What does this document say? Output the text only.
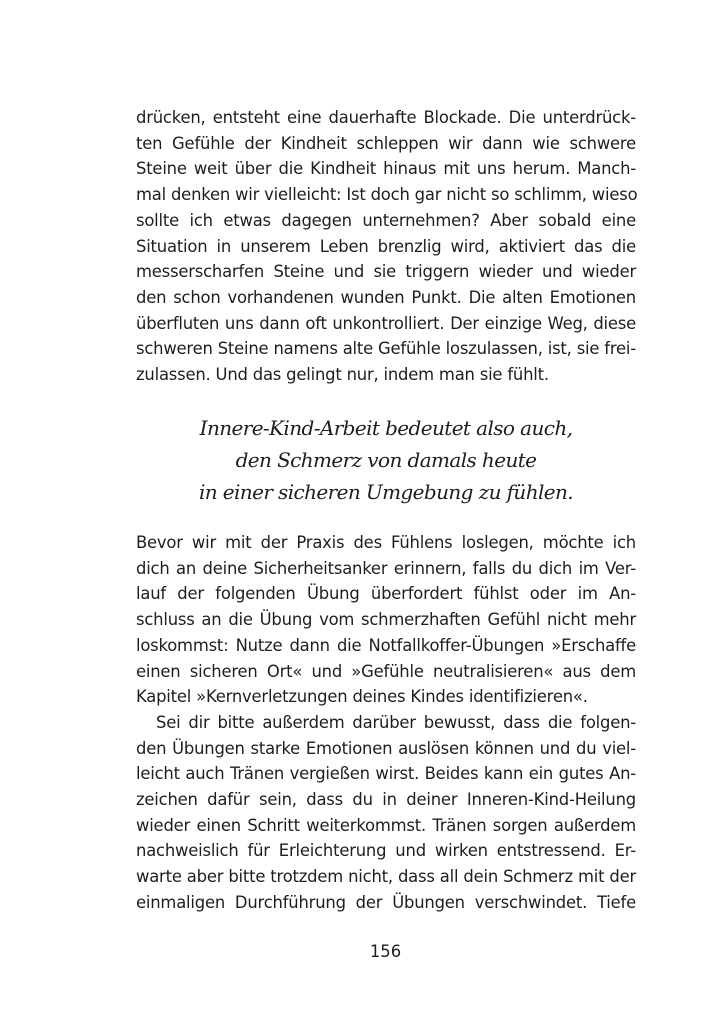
drücken, entsteht eine dauerhafte Blockade. Die unterdrück-
ten Gefühle der Kindheit schleppen wir dann wie schwere
Steine weit über die Kindheit hinaus mit uns herum. Manch-
mal denken wir vielleicht: Ist doch gar nicht so schlimm, wieso
sollte ich etwas dagegen unternehmen? Aber sobald eine
Situation in unserem Leben brenzlig wird, aktiviert das die
messerscharfen Steine und sie triggern wieder und wieder
den schon vorhandenen wunden Punkt. Die alten Emotionen
überfluten uns dann oft unkontrolliert. Der einzige Weg, diese
schweren Steine namens alte Gefühle loszulassen, ist, sie frei-
zulassen. Und das gelingt nur, indem man sie fühlt.
Innere-Kind-Arbeit bedeutet also auch,
den Schmerz von damals heute
in einer sicheren Umgebung zu fühlen.
Bevor wir mit der Praxis des Fühlens loslegen, möchte ich
dich an deine Sicherheitsanker erinnern, falls du dich im Ver-
lauf der folgenden Übung überfordert fühlst oder im An-
schluss an die Übung vom schmerzhaften Gefühl nicht mehr
loskommst: Nutze dann die Notfallkoffer-Übungen »Erschaffe
einen sicheren Ort« und »Gefühle neutralisieren« aus dem
Kapitel »Kernverletzungen deines Kindes identifizieren«.
Sei dir bitte außerdem darüber bewusst, dass die folgen-
den Übungen starke Emotionen auslösen können und du viel-
leicht auch Tränen vergießen wirst. Beides kann ein gutes An-
zeichen dafür sein, dass du in deiner Inneren-Kind-Heilung
wieder einen Schritt weiterkommst. Tränen sorgen außerdem
nachweislich für Erleichterung und wirken entstressend. Er-
warte aber bitte trotzdem nicht, dass all dein Schmerz mit der
einmaligen Durchführung der Übungen verschwindet. Tiefe
156
